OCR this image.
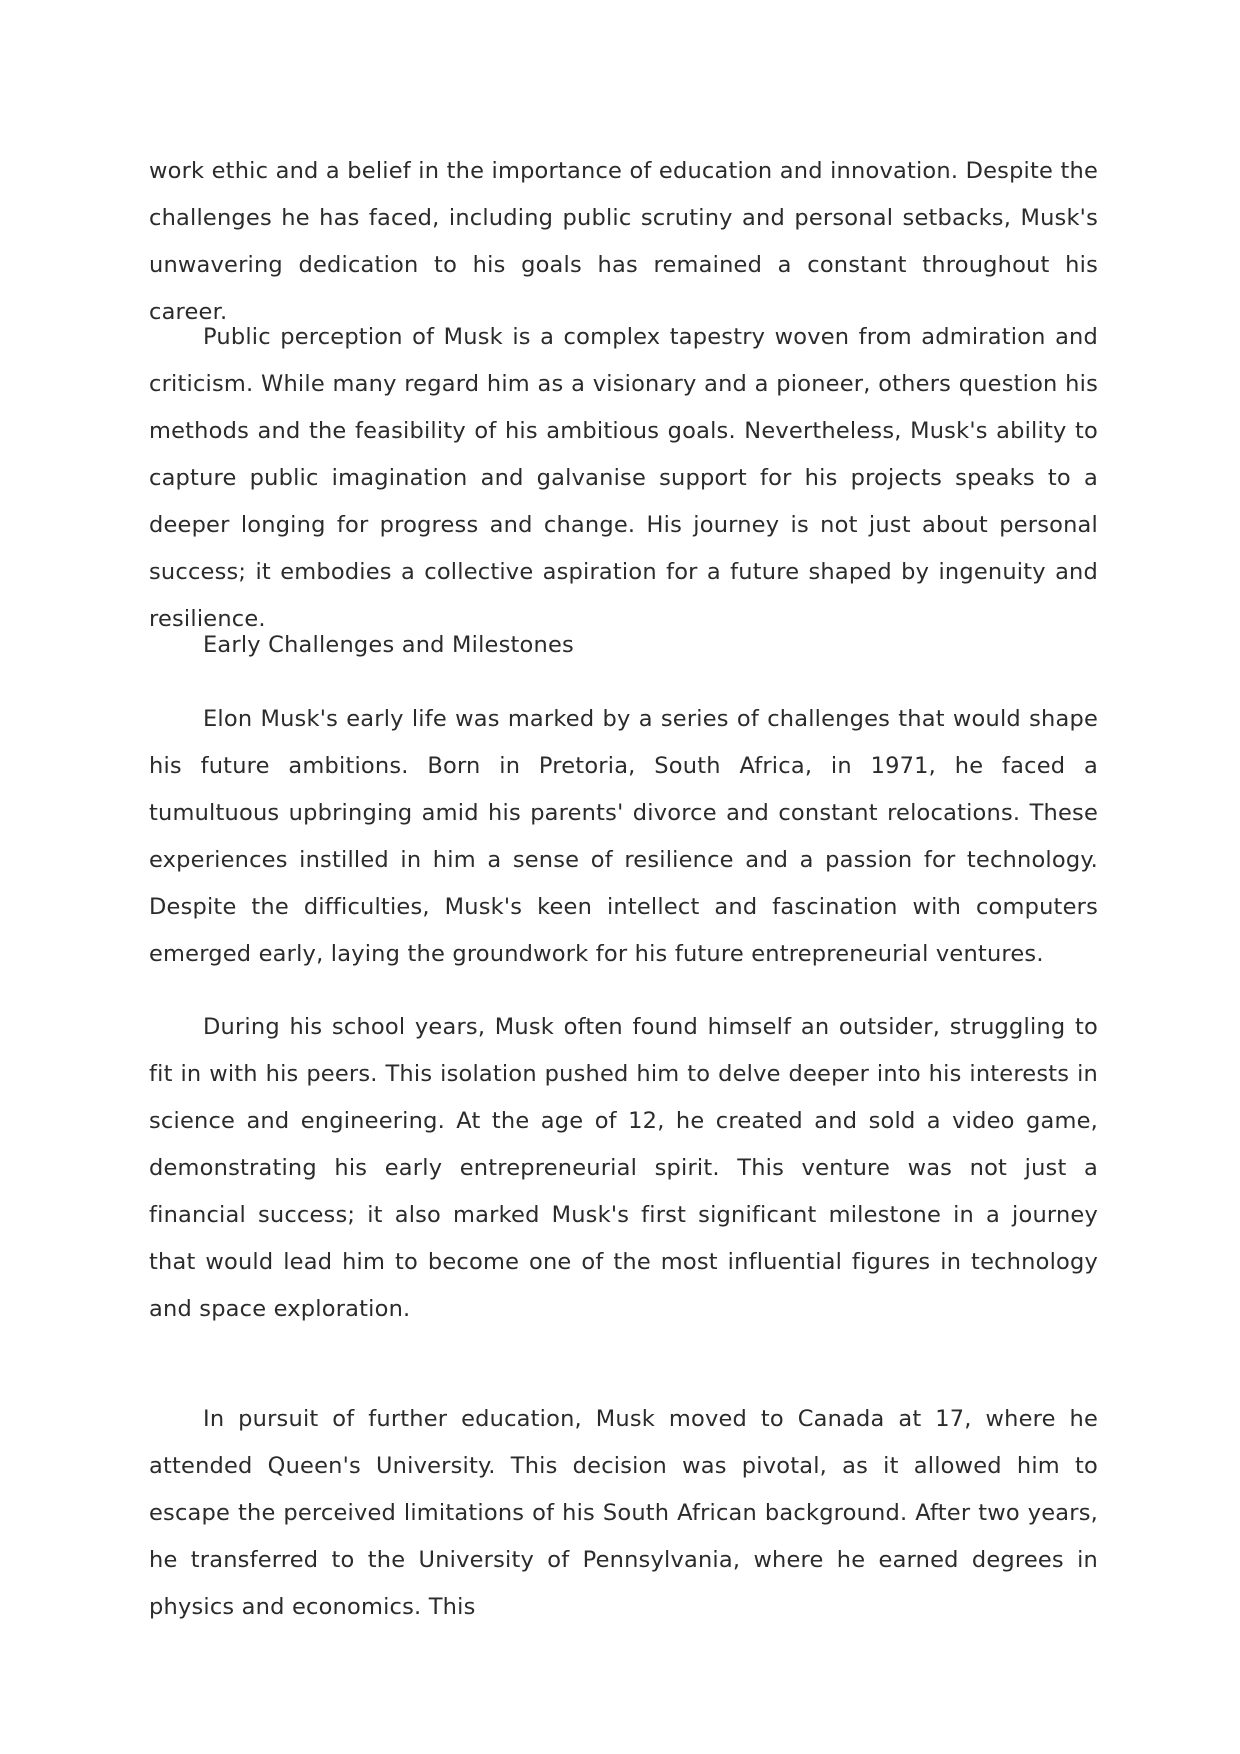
work ethic and a belief in the importance of education and innovation. Despite the challenges he has faced, including public scrutiny and personal setbacks, Musk's unwavering dedication to his goals has remained a constant throughout his career.

Public perception of Musk is a complex tapestry woven from admiration and criticism. While many regard him as a visionary and a pioneer, others question his methods and the feasibility of his ambitious goals. Nevertheless, Musk's ability to capture public imagination and galvanise support for his projects speaks to a deeper longing for progress and change. His journey is not just about personal success; it embodies a collective aspiration for a future shaped by ingenuity and resilience.

Early Challenges and Milestones

Elon Musk's early life was marked by a series of challenges that would shape his future ambitions. Born in Pretoria, South Africa, in 1971, he faced a tumultuous upbringing amid his parents' divorce and constant relocations. These experiences instilled in him a sense of resilience and a passion for technology. Despite the difficulties, Musk's keen intellect and fascination with computers emerged early, laying the groundwork for his future entrepreneurial ventures.

During his school years, Musk often found himself an outsider, struggling to fit in with his peers. This isolation pushed him to delve deeper into his interests in science and engineering. At the age of 12, he created and sold a video game, demonstrating his early entrepreneurial spirit. This venture was not just a financial success; it also marked Musk's first significant milestone in a journey that would lead him to become one of the most influential figures in technology and space exploration.

In pursuit of further education, Musk moved to Canada at 17, where he attended Queen's University. This decision was pivotal, as it allowed him to escape the perceived limitations of his South African background. After two years, he transferred to the University of Pennsylvania, where he earned degrees in physics and economics. This
